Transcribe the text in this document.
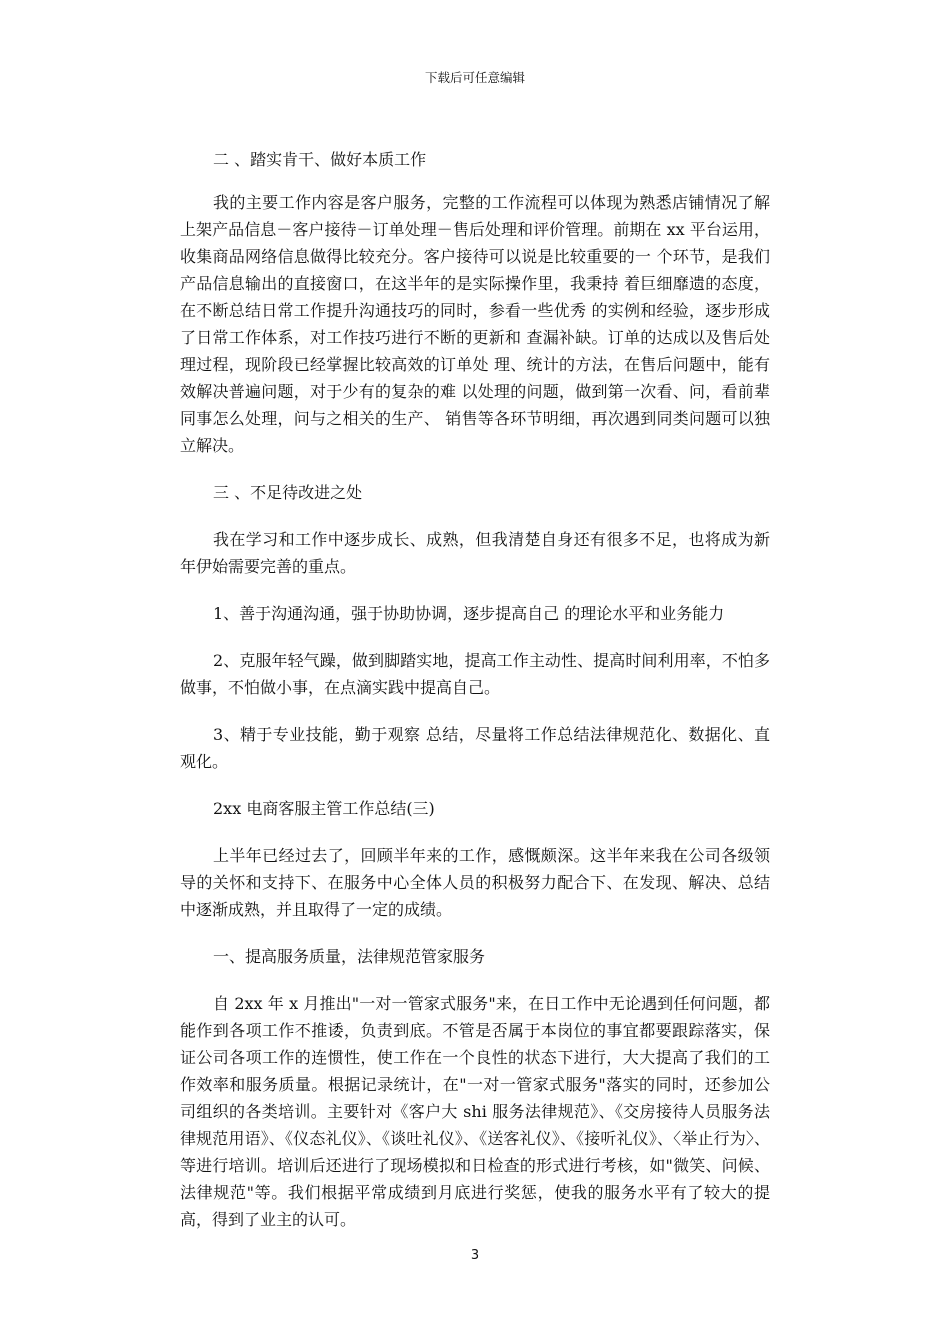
下载后可任意编辑

二 、踏实肯干、做好本质工作

我的主要工作内容是客户服务，完整的工作流程可以体现为熟悉店铺情况了解上架产品信息－客户接待－订单处理－售后处理和评价管理。前期在 xx 平台运用，收集商品网络信息做得比较充分。客户接待可以说是比较重要的一 个环节，是我们产品信息输出的直接窗口，在这半年的是实际操作里，我秉持 着巨细靡遗的态度，在不断总结日常工作提升沟通技巧的同时，参看一些优秀 的实例和经验，逐步形成了日常工作体系，对工作技巧进行不断的更新和 查漏补缺。订单的达成以及售后处理过程，现阶段已经掌握比较高效的订单处 理、统计的方法，在售后问题中，能有效解决普遍问题，对于少有的复杂的难 以处理的问题，做到第一次看、问，看前辈同事怎么处理，问与之相关的生产、 销售等各环节明细，再次遇到同类问题可以独立解决。

三 、不足待改进之处

我在学习和工作中逐步成长、成熟，但我清楚自身还有很多不足，也将成为新年伊始需要完善的重点。

1、善于沟通沟通，强于协助协调，逐步提高自己 的理论水平和业务能力

2、克服年轻气躁，做到脚踏实地，提高工作主动性、提高时间利用率，不怕多做事，不怕做小事，在点滴实践中提高自己。

3、精于专业技能，勤于观察 总结，尽量将工作总结法律规范化、数据化、直观化。

2xx 电商客服主管工作总结(三)

上半年已经过去了，回顾半年来的工作，感慨颇深。这半年来我在公司各级领导的关怀和支持下、在服务中心全体人员的积极努力配合下、在发现、解决、总结中逐渐成熟，并且取得了一定的成绩。

一、提高服务质量，法律规范管家服务

自 2xx 年 x 月推出"一对一管家式服务"来，在日工作中无论遇到任何问题，都能作到各项工作不推诿，负责到底。不管是否属于本岗位的事宜都要跟踪落实，保证公司各项工作的连惯性，使工作在一个良性的状态下进行，大大提高了我们的工作效率和服务质量。根据记录统计，在"一对一管家式服务"落实的同时，还参加公司组织的各类培训。主要针对《客户大 shi 服务法律规范》、《交房接待人员服务法律规范用语》、《仪态礼仪》、《谈吐礼仪》、《送客礼仪》、《接听礼仪》、〈举止行为〉、等进行培训。培训后还进行了现场模拟和日检查的形式进行考核，如"微笑、问候、法律规范"等。我们根据平常成绩到月底进行奖惩，使我的服务水平有了较大的提高，得到了业主的认可。

3
